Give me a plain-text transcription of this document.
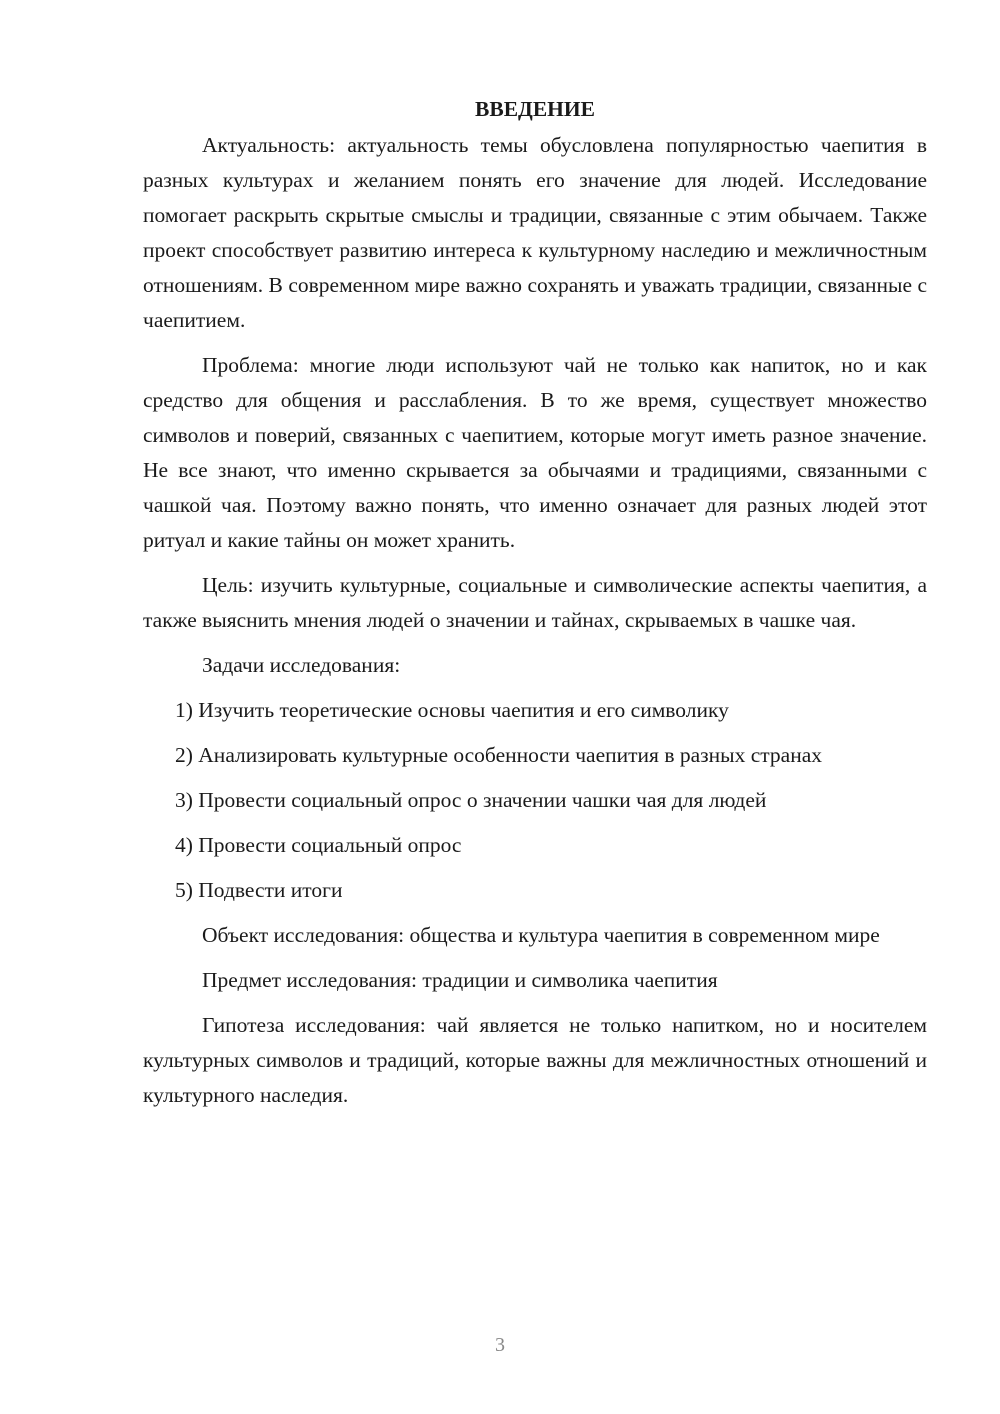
ВВЕДЕНИЕ

Актуальность: актуальность темы обусловлена популярностью чаепития в разных культурах и желанием понять его значение для людей. Исследование помогает раскрыть скрытые смыслы и традиции, связанные с этим обычаем. Также проект способствует развитию интереса к культурному наследию и межличностным отношениям. В современном мире важно сохранять и уважать традиции, связанные с чаепитием.

Проблема: многие люди используют чай не только как напиток, но и как средство для общения и расслабления. В то же время, существует множество символов и поверий, связанных с чаепитием, которые могут иметь разное значение. Не все знают, что именно скрывается за обычаями и традициями, связанными с чашкой чая. Поэтому важно понять, что именно означает для разных людей этот ритуал и какие тайны он может хранить.

Цель: изучить культурные, социальные и символические аспекты чаепития, а также выяснить мнения людей о значении и тайнах, скрываемых в чашке чая.

Задачи исследования:
1) Изучить теоретические основы чаепития и его символику
2) Анализировать культурные особенности чаепития в разных странах
3) Провести социальный опрос о значении чашки чая для людей
4) Провести социальный опрос
5) Подвести итоги

Объект исследования: общества и культура чаепития в современном мире

Предмет исследования: традиции и символика чаепития

Гипотеза исследования: чай является не только напитком, но и носителем культурных символов и традиций, которые важны для межличностных отношений и культурного наследия.

3
